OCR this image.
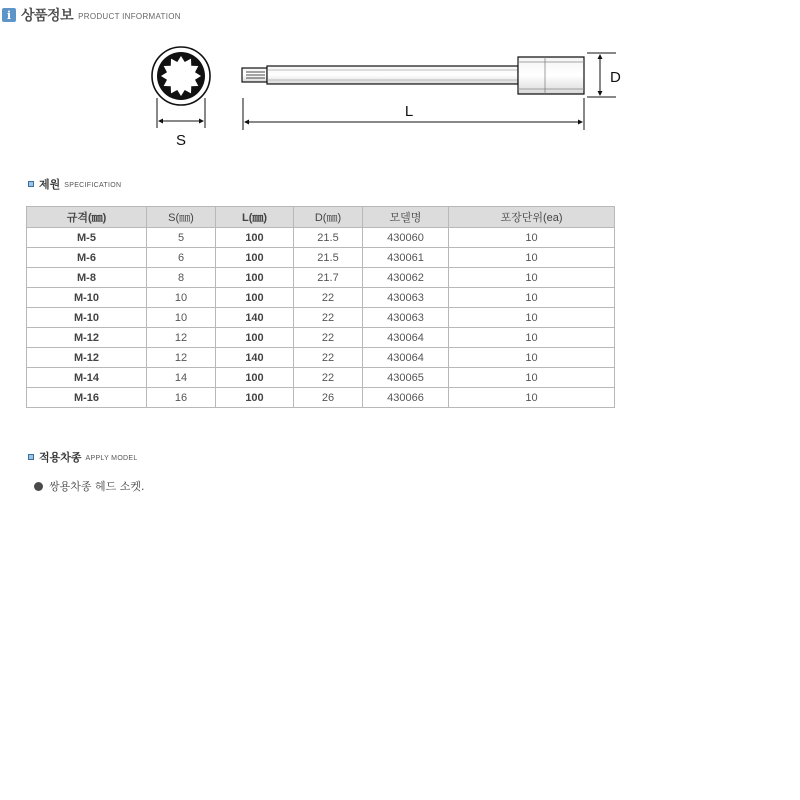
i 상품정보 PRODUCT INFORMATION
S
D
L
제원 SPECIFICATION
규격(㎜)	S(㎜)	L(㎜)	D(㎜)	모델명	포장단위(ea)
M-5	5	100	21.5	430060	10
M-6	6	100	21.5	430061	10
M-8	8	100	21.7	430062	10
M-10	10	100	22	430063	10
M-10	10	140	22	430063	10
M-12	12	100	22	430064	10
M-12	12	140	22	430064	10
M-14	14	100	22	430065	10
M-16	16	100	26	430066	10
적용차종 APPLY MODEL
쌍용차종 헤드 소켓.
